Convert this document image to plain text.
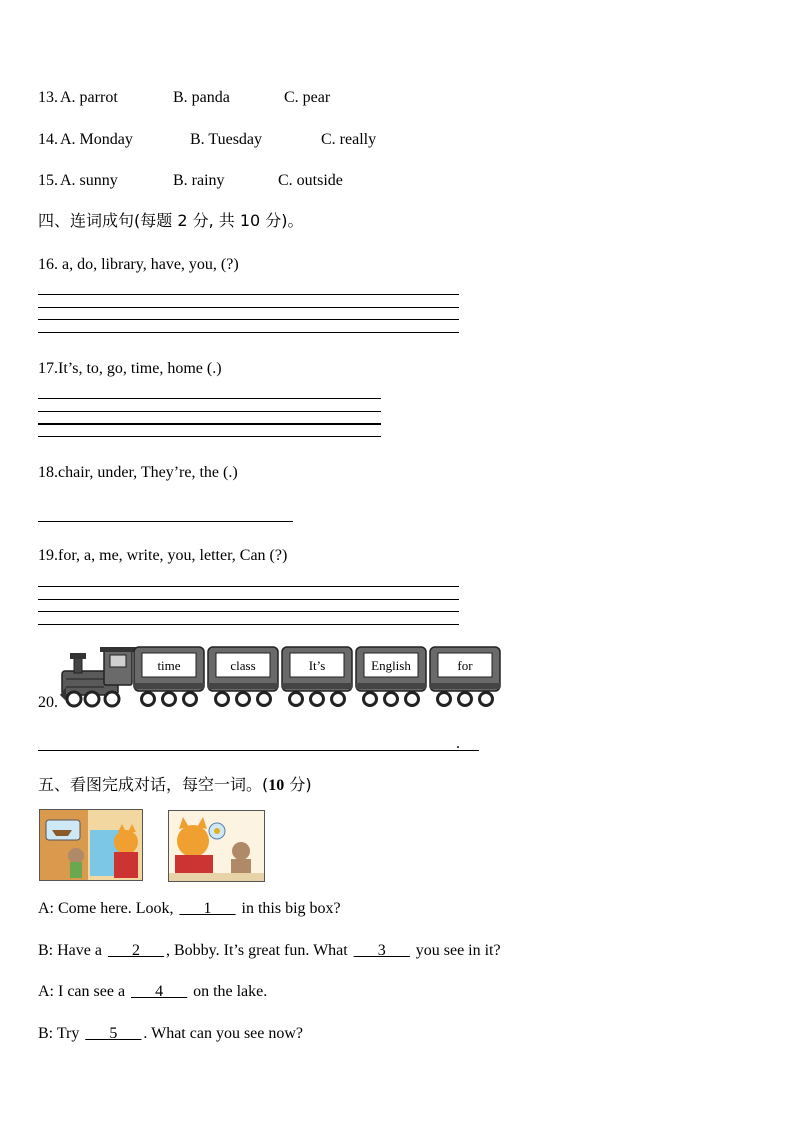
13. A. parrot	B. panda	C. pear
14. A. Monday	B. Tuesday	C. really
15. A. sunny	B. rainy	C. outside
四、连词成句(每题 2 分, 共 10 分)。
16. a, do, library, have, you, (?)
17.It’s, to, go, time, home (.)
18.chair, under, They’re, the (.)
19.for, a, me, write, you, letter, Can (?)
20.
time	class	It’s	English	for
.
五、看图完成对话，每空一词。(10 分)
A: Come here. Look, ___1___ in this big box?
B: Have a ___2___ , Bobby. It’s great fun. What ___3___ you see in it?
A: I can see a ___4___ on the lake.
B: Try ___5___ . What can you see now?
